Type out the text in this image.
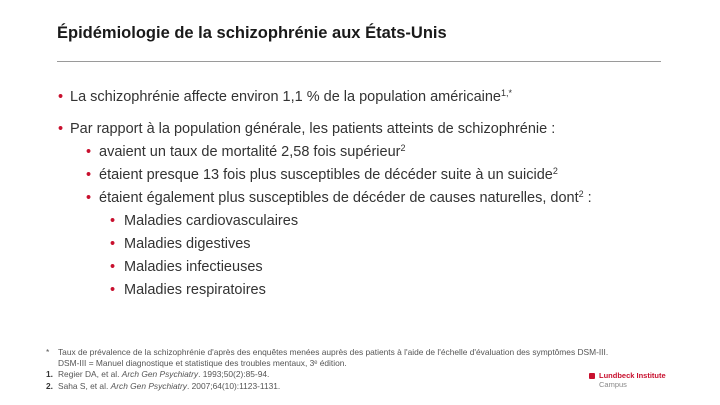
Épidémiologie de la schizophrénie aux États-Unis
• La schizophrénie affecte environ 1,1 % de la population américaine$^{1,*}$
• Par rapport à la population générale, les patients atteints de schizophrénie :
• avaient un taux de mortalité 2,58 fois supérieur$^2$
• étaient presque 13 fois plus susceptibles de décéder suite à un suicide$^2$
• étaient également plus susceptibles de décéder de causes naturelles, dont$^2$ :
• Maladies cardiovasculaires
• Maladies digestives
• Maladies infectieuses
• Maladies respiratoires
* Taux de prévalence de la schizophrénie d'après des enquêtes menées auprès des patients à l'aide de l'échelle d'évaluation des symptômes DSM-III.
DSM-III = Manuel diagnostique et statistique des troubles mentaux, 3ᵉ édition.
1. Regier DA, et al. Arch Gen Psychiatry. 1993;50(2):85-94.
2. Saha S, et al. Arch Gen Psychiatry. 2007;64(10):1123-1131.
Lundbeck Institute
Campus
